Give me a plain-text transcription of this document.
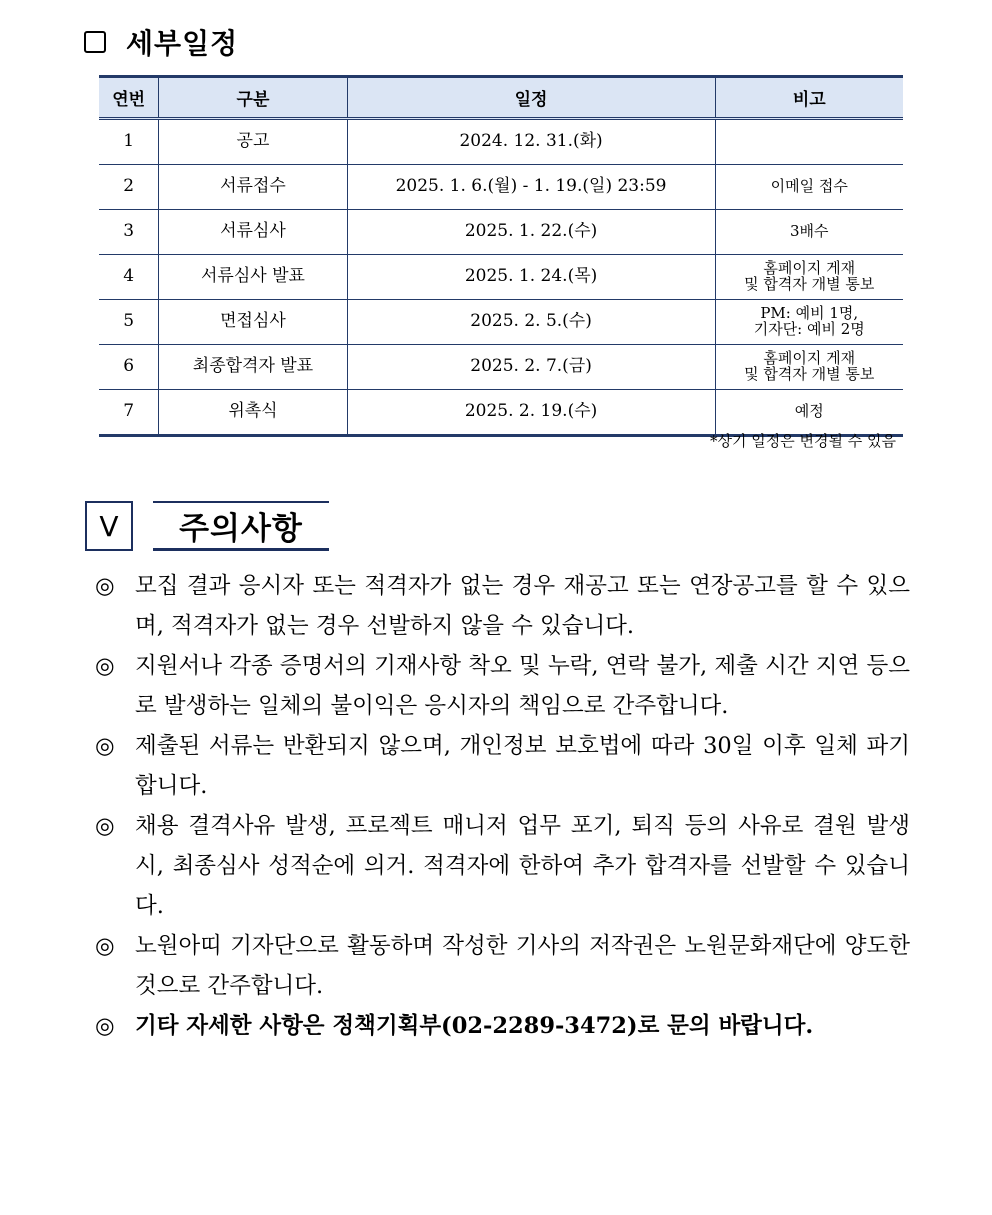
세부일정
연번	구분	일정	비고
1	공고	2024. 12. 31.(화)	

2	서류접수	2025. 1. 6.(월) - 1. 19.(일) 23:59	이메일 접수

3	서류심사	2025. 1. 22.(수)	3배수

4	서류심사 발표	2025. 1. 24.(목)	홈페이지 게재
및 합격자 개별 통보

5	면접심사	2025. 2. 5.(수)	PM: 예비 1명,
기자단: 예비 2명

6	최종합격자 발표	2025. 2. 7.(금)	홈페이지 게재
및 합격자 개별 통보

7	위촉식	2025. 2. 19.(수)	예정
*상기 일정은 변경될 수 있음
Ⅴ	주의사항
◎ 모집 결과 응시자 또는 적격자가 없는 경우 재공고 또는 연장공고를 할 수 있으며, 적격자가 없는 경우 선발하지 않을 수 있습니다.
◎ 지원서나 각종 증명서의 기재사항 착오 및 누락, 연락 불가, 제출 시간 지연 등으로 발생하는 일체의 불이익은 응시자의 책임으로 간주합니다.
◎ 제출된 서류는 반환되지 않으며, 개인정보 보호법에 따라 30일 이후 일체 파기합니다.
◎ 채용 결격사유 발생, 프로젝트 매니저 업무 포기, 퇴직 등의 사유로 결원 발생 시, 최종심사 성적순에 의거. 적격자에 한하여 추가 합격자를 선발할 수 있습니다.
◎ 노원아띠 기자단으로 활동하며 작성한 기사의 저작권은 노원문화재단에 양도한 것으로 간주합니다.
◎ 기타 자세한 사항은 정책기획부(02-2289-3472)로 문의 바랍니다.
